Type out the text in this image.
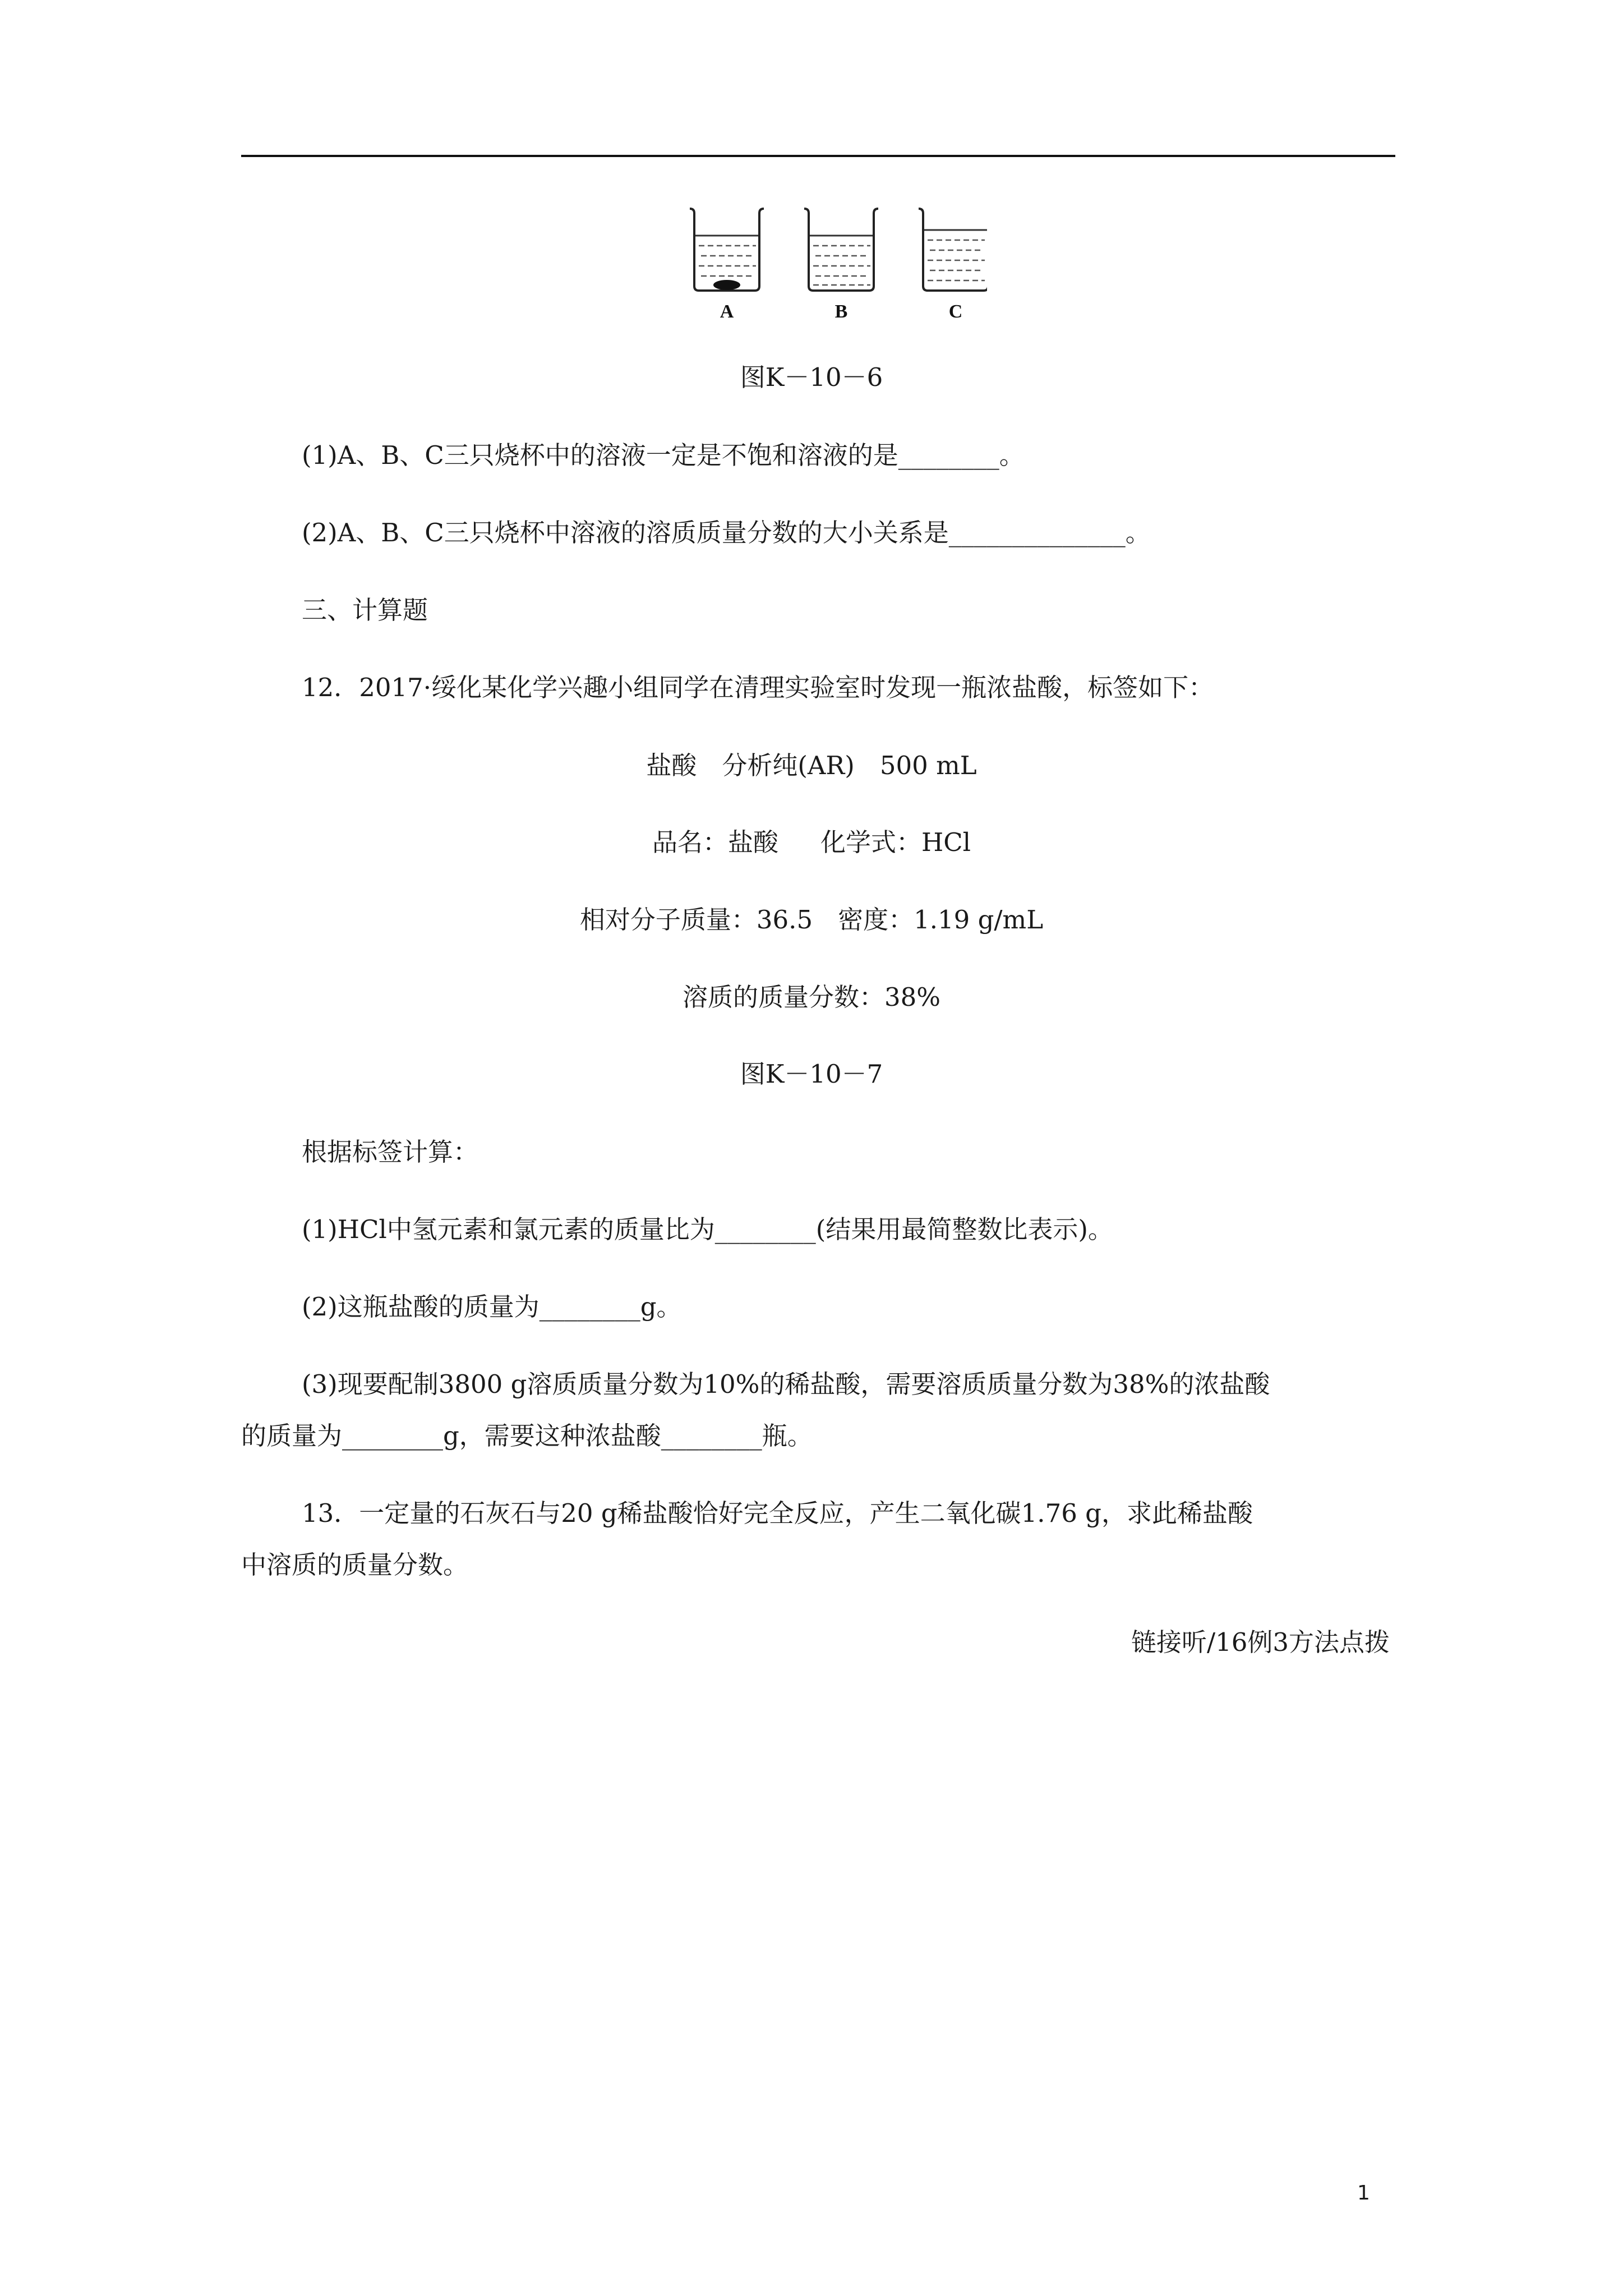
A	B	C

图K－10－6

(1)A、B、C三只烧杯中的溶液一定是不饱和溶液的是________。

(2)A、B、C三只烧杯中溶液的溶质质量分数的大小关系是______________。

三、计算题

12．2017·绥化某化学兴趣小组同学在清理实验室时发现一瓶浓盐酸，标签如下：

盐酸　分析纯(AR)　500 mL

品名：盐酸 化学式：HCl

相对分子质量：36.5　密度：1.19 g/mL

溶质的质量分数：38%

图K－10－7

根据标签计算：

(1)HCl中氢元素和氯元素的质量比为________(结果用最简整数比表示)。

(2)这瓶盐酸的质量为________g。

(3)现要配制3800 g溶质质量分数为10%的稀盐酸，需要溶质质量分数为38%的浓盐酸

的质量为________g，需要这种浓盐酸________瓶。

13．一定量的石灰石与20 g稀盐酸恰好完全反应，产生二氧化碳1.76 g，求此稀盐酸

中溶质的质量分数。

链接听/16例3方法点拨
1
